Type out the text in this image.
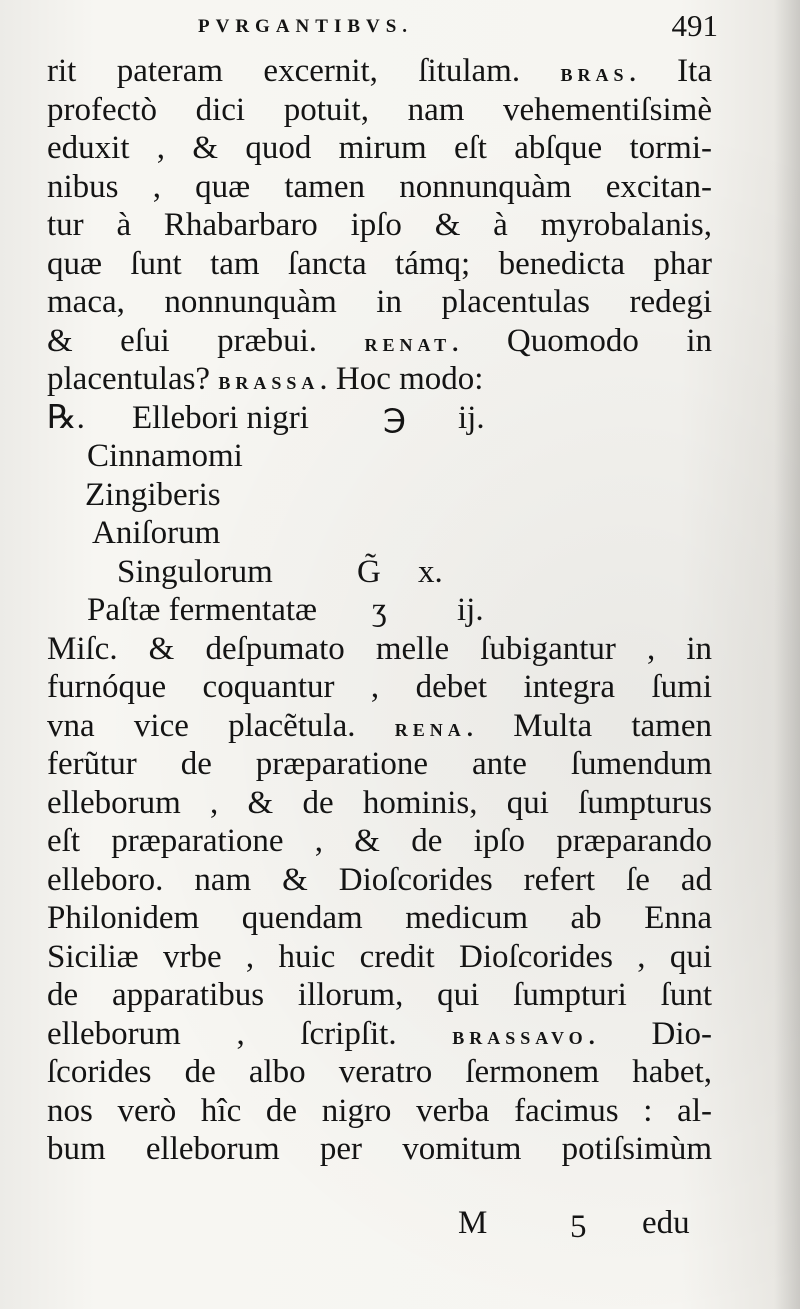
PVRGANTIBVS.	491
rit pateram excernit, ſitulam. BRAS. Ita
profectò dici potuit, nam vehementiſsimè
eduxit , & quod mirum eſt abſque tormi-
nibus , quæ tamen nonnunquàm excitan-
tur à Rhabarbaro ipſo & à myrobalanis,
quæ ſunt tam ſancta támq; benedicta phar
maca, nonnunquàm in placentulas redegi
& eſui præbui. RENAT. Quomodo in
placentulas? BRASSA. Hoc modo:
℞. Ellebori nigri ℈ ij.
Cinnamomi
Zingiberis
Aniſorum
Singulorum	G̃ x.
Paſtæ fermentatæ ʒ ij.
Miſc. & deſpumato melle ſubigantur , in
furnóque coquantur , debet integra ſumi
vna vice placẽtula. RENA. Multa tamen
ferũtur de præparatione ante ſumendum
elleborum , & de hominis, qui ſumpturus
eſt præparatione , & de ipſo præparando
elleboro. nam & Dioſcorides refert ſe ad
Philonidem quendam medicum ab Enna
Siciliæ vrbe , huic credit Dioſcorides , qui
de apparatibus illorum, qui ſumpturi ſunt
elleborum , ſcripſit. BRASSAVO. Dio-
ſcorides de albo veratro ſermonem habet,
nos verò hîc de nigro verba facimus : al-
bum elleborum per vomitum potiſsimùm
M	5 edu
